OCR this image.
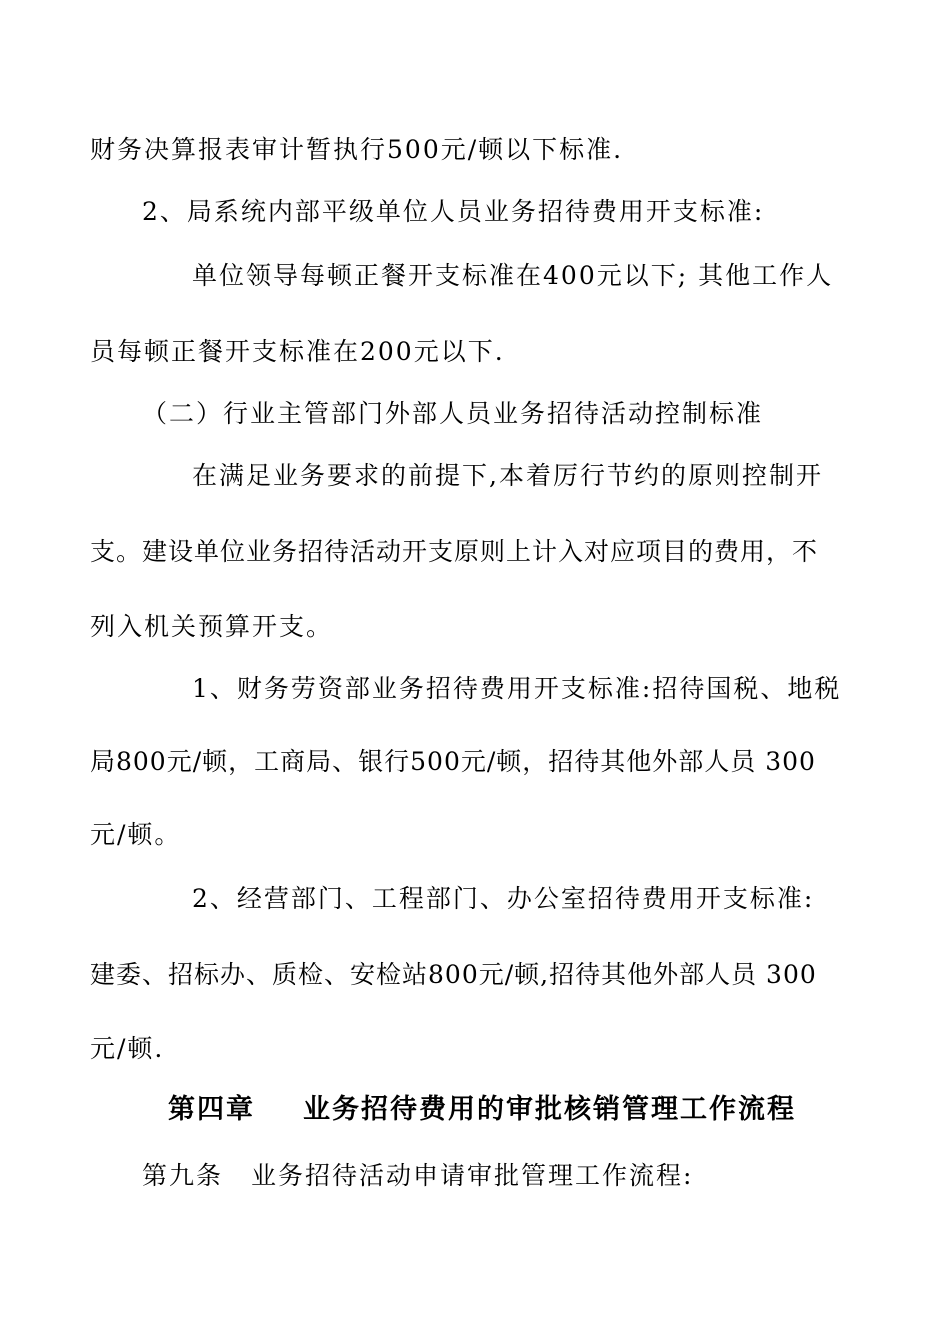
财务决算报表审计暂执行500元/顿以下标准.
2、局系统内部平级单位人员业务招待费用开支标准:
单位领导每顿正餐开支标准在400元以下; 其他工作人
员每顿正餐开支标准在200元以下.
（二）行业主管部门外部人员业务招待活动控制标准
在满足业务要求的前提下,本着厉行节约的原则控制开
支。建设单位业务招待活动开支原则上计入对应项目的费用，不
列入机关预算开支。
1、财务劳资部业务招待费用开支标准:招待国税、地税
局800元/顿，工商局、银行500元/顿，招待其他外部人员 300
元/顿。
2、经营部门、工程部门、办公室招待费用开支标准:
建委、招标办、质检、安检站800元/顿,招待其他外部人员 300
元/顿.
第四章 业务招待费用的审批核销管理工作流程
第九条 业务招待活动申请审批管理工作流程:
